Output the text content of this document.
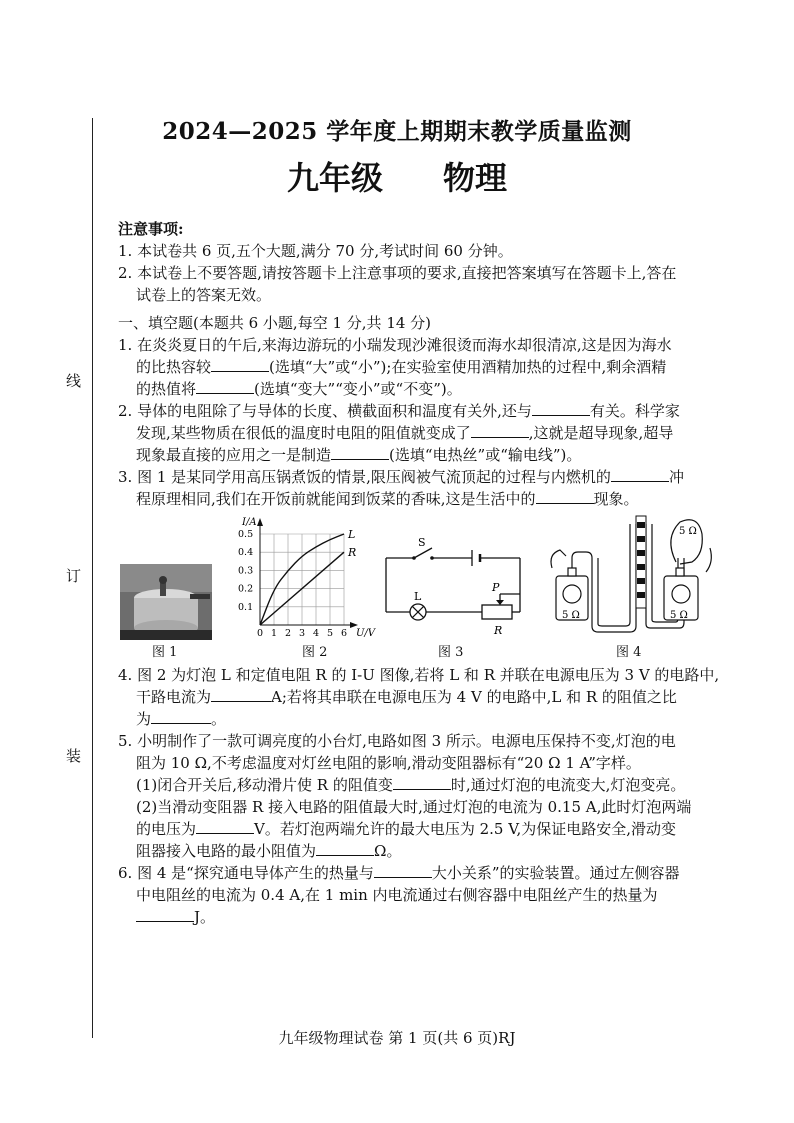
线
订
装
2024—2025 学年度上期期末教学质量监测
九年级 物理
注意事项:
1. 本试卷共 6 页,五个大题,满分 70 分,考试时间 60 分钟。
2. 本试卷上不要答题,请按答题卡上注意事项的要求,直接把答案填写在答题卡上,答在
试卷上的答案无效。
一、填空题(本题共 6 小题,每空 1 分,共 14 分)
1. 在炎炎夏日的午后,来海边游玩的小瑞发现沙滩很烫而海水却很清凉,这是因为海水
的比热容较	(选填“大”或“小”);在实验室使用酒精加热的过程中,剩余酒精
的热值将	(选填“变大”“变小”或“不变”)。
2. 导体的电阻除了与导体的长度、横截面积和温度有关外,还与	有关。科学家
发现,某些物质在很低的温度时电阻的阻值就变成了	,这就是超导现象,超导
现象最直接的应用之一是制造	(选填“电热丝”或“输电线”)。
3. 图 1 是某同学用高压锅煮饭的情景,限压阀被气流顶起的过程与内燃机的	冲
程原理相同,我们在开饭前就能闻到饭菜的香味,这是生活中的	现象。
图 1
I/A
U/V
0 1 2 3 4 5 6
0.5
0.4
0.3
0.2
0.1
L
R
图 2
S
L
P
R
图 3
5 Ω	5 Ω
5 Ω
图 4
4. 图 2 为灯泡 L 和定值电阻 R 的 I-U 图像,若将 L 和 R 并联在电源电压为 3 V 的电路中,
干路电流为	A;若将其串联在电源电压为 4 V 的电路中,L 和 R 的阻值之比
为	。
5. 小明制作了一款可调亮度的小台灯,电路如图 3 所示。电源电压保持不变,灯泡的电
阻为 10 Ω,不考虑温度对灯丝电阻的影响,滑动变阻器标有“20 Ω 1 A”字样。
(1)闭合开关后,移动滑片使 R 的阻值变	时,通过灯泡的电流变大,灯泡变亮。
(2)当滑动变阻器 R 接入电路的阻值最大时,通过灯泡的电流为 0.15 A,此时灯泡两端
的电压为	V。若灯泡两端允许的最大电压为 2.5 V,为保证电路安全,滑动变
阻器接入电路的最小阻值为	Ω。
6. 图 4 是“探究通电导体产生的热量与	大小关系”的实验装置。通过左侧容器
中电阻丝的电流为 0.4 A,在 1 min 内电流通过右侧容器中电阻丝产生的热量为
J。
九年级物理试卷 第 1 页(共 6 页)RJ
